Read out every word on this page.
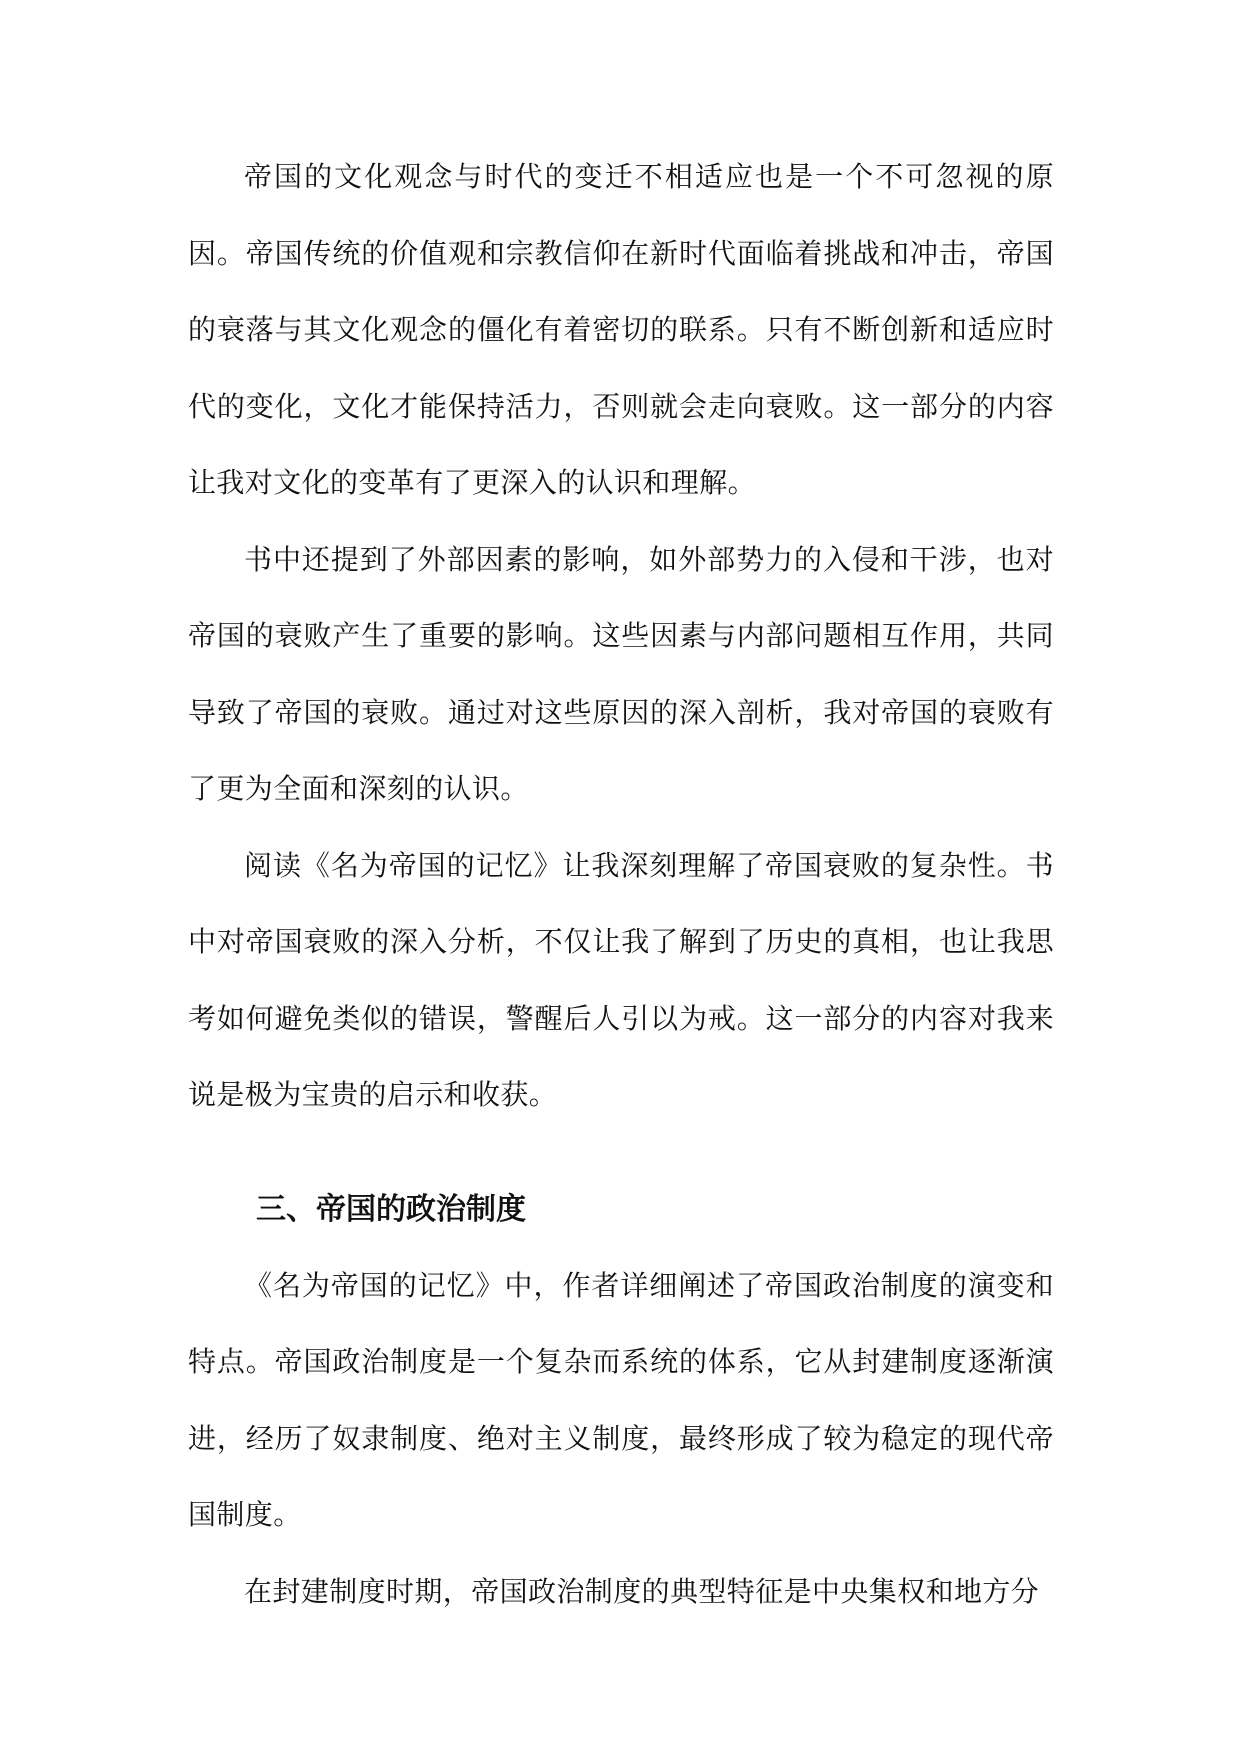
帝国的文化观念与时代的变迁不相适应也是一个不可忽视的原因。帝国传统的价值观和宗教信仰在新时代面临着挑战和冲击，帝国的衰落与其文化观念的僵化有着密切的联系。只有不断创新和适应时代的变化，文化才能保持活力，否则就会走向衰败。这一部分的内容让我对文化的变革有了更深入的认识和理解。

书中还提到了外部因素的影响，如外部势力的入侵和干涉，也对帝国的衰败产生了重要的影响。这些因素与内部问题相互作用，共同导致了帝国的衰败。通过对这些原因的深入剖析，我对帝国的衰败有了更为全面和深刻的认识。

阅读《名为帝国的记忆》让我深刻理解了帝国衰败的复杂性。书中对帝国衰败的深入分析，不仅让我了解到了历史的真相，也让我思考如何避免类似的错误，警醒后人引以为戒。这一部分的内容对我来说是极为宝贵的启示和收获。

三、帝国的政治制度

《名为帝国的记忆》中，作者详细阐述了帝国政治制度的演变和特点。帝国政治制度是一个复杂而系统的体系，它从封建制度逐渐演进，经历了奴隶制度、绝对主义制度，最终形成了较为稳定的现代帝国制度。

在封建制度时期，帝国政治制度的典型特征是中央集权和地方分
